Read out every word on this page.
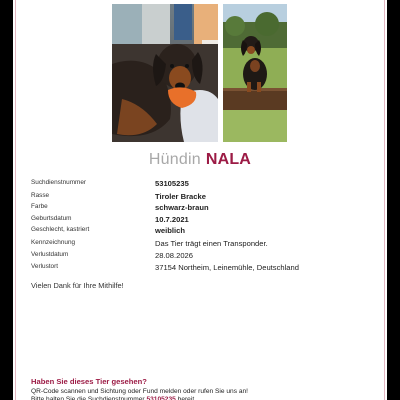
Hündin NALA
Suchdienstnummer	53105235
Rasse	Tiroler Bracke
Farbe	schwarz-braun
Geburtsdatum	10.7.2021
Geschlecht, kastriert	weiblich
Kennzeichnung	Das Tier trägt einen Transponder.
Verlustdatum	28.08.2026
Verlustort	37154 Northeim, Leinemühle, Deutschland
Vielen Dank für Ihre Mithilfe!
Haben Sie dieses Tier gesehen?
QR-Code scannen und Sichtung oder Fund melden oder rufen Sie uns an!
Bitte halten Sie die Suchdienstnummer 53105235 bereit.
